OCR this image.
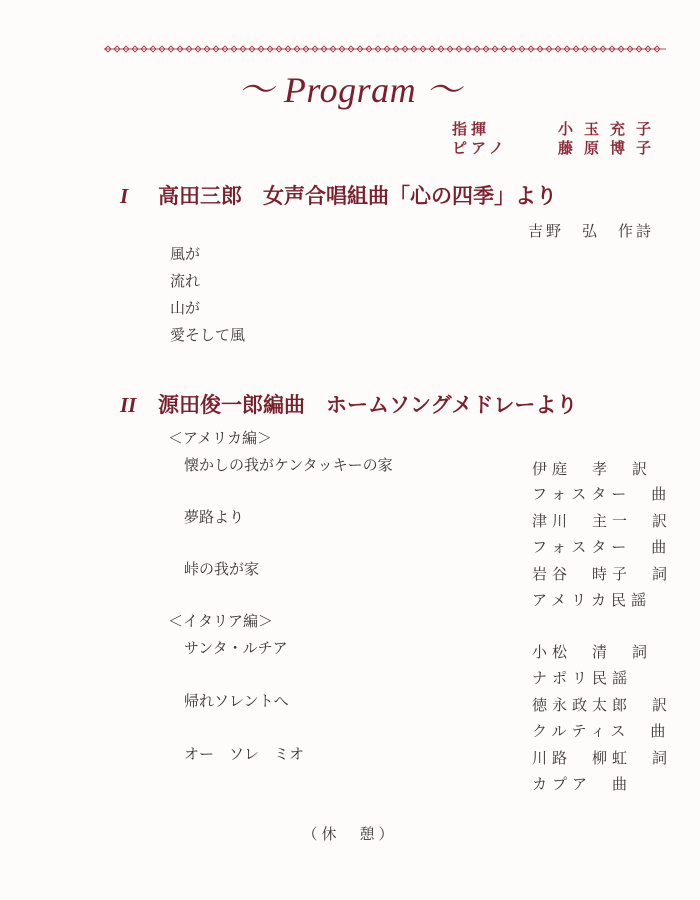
～ Program ～
指揮	小玉充子
ピアノ	藤原博子
I 高田三郎　女声合唱組曲「心の四季」より
吉野　弘　作詩
風が
流れ
山が
愛そして風
II 源田俊一郎編曲　ホームソングメドレーより
＜アメリカ編＞
懐かしの我がケンタッキーの家	伊庭　孝　訳
フォスター　曲
夢路より	津川　主一　訳
フォスター　曲
峠の我が家	岩谷　時子　詞
アメリカ民謡
＜イタリア編＞
サンタ・ルチア	小松　清　詞
ナポリ民謡
帰れソレントへ	徳永政太郎　訳
クルティス　曲
オー　ソレ　ミオ	川路　柳虹　詞
カプア　曲
（休　憩）
